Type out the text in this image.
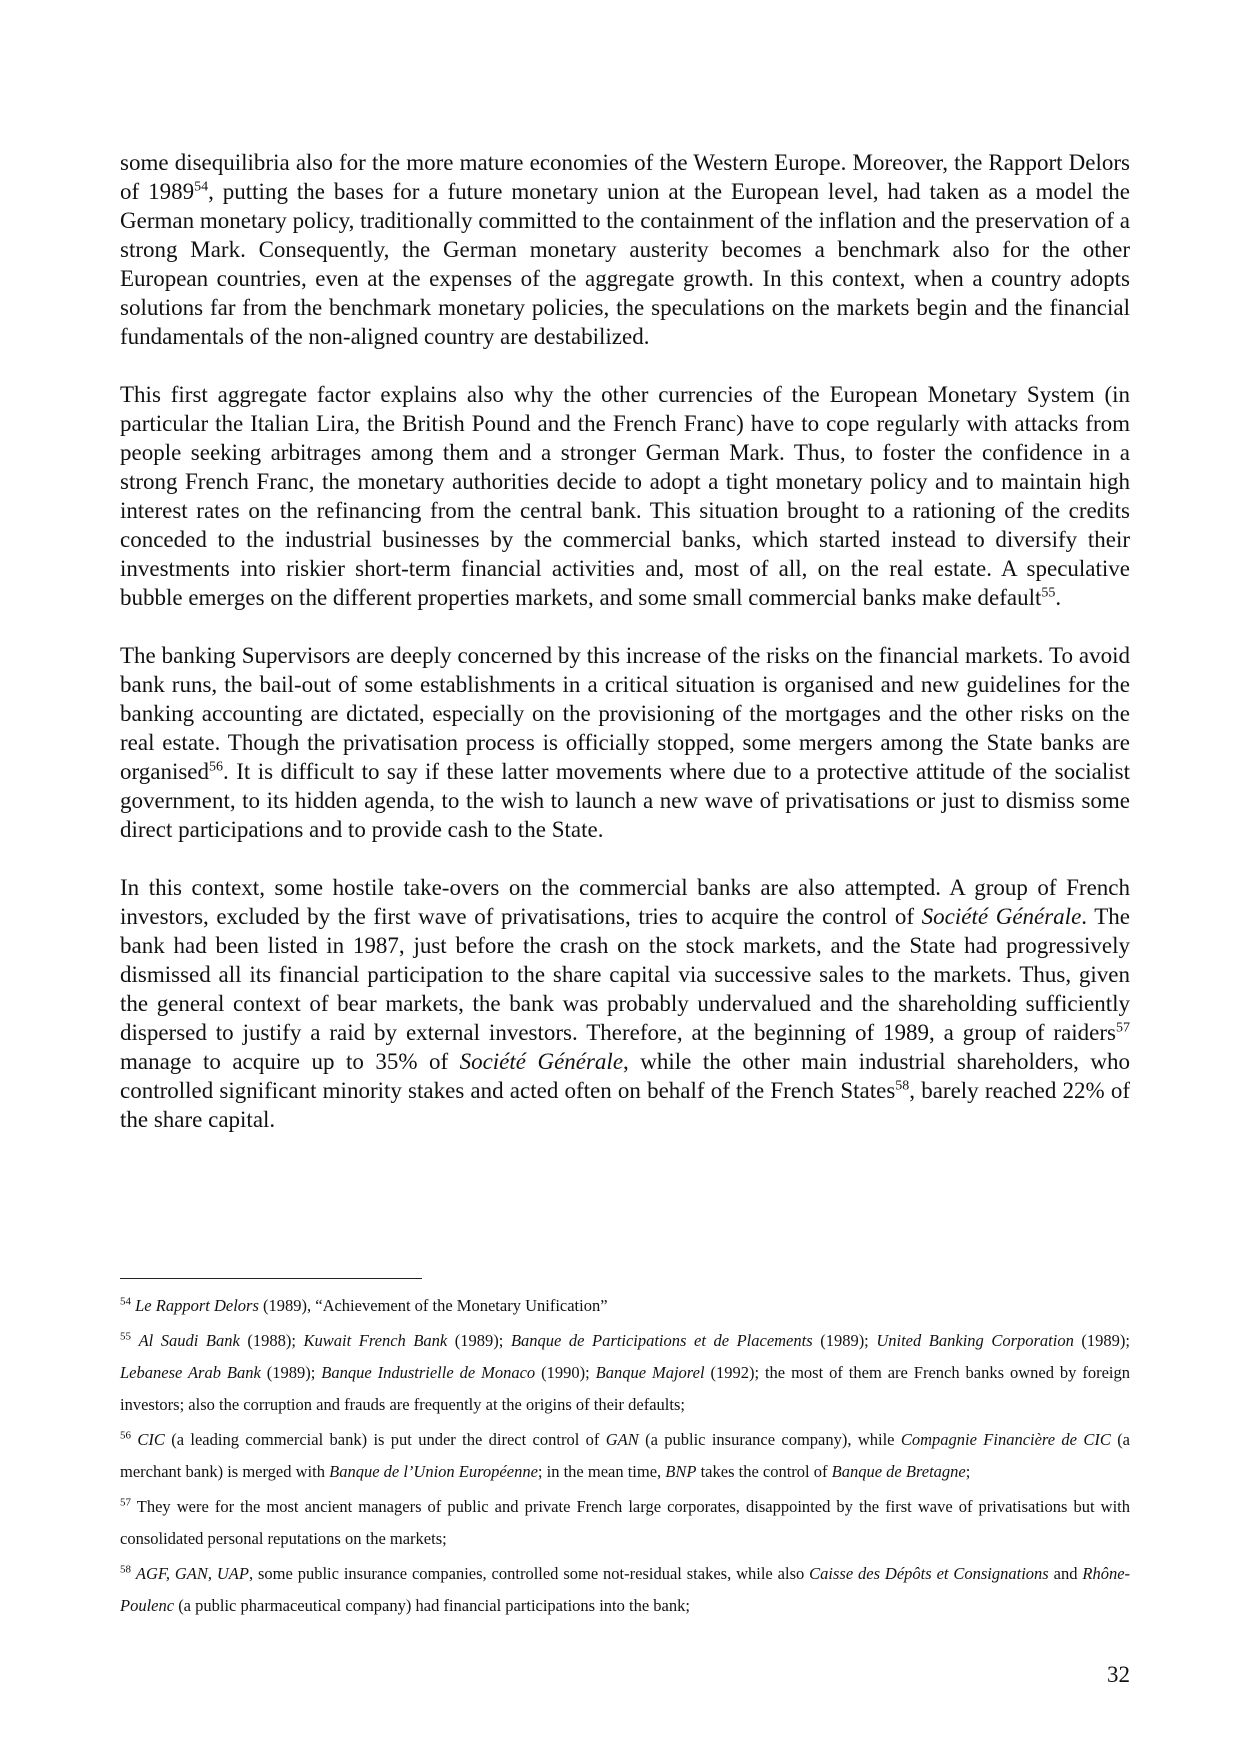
some disequilibria also for the more mature economies of the Western Europe. Moreover, the Rapport Delors of 1989$^{54}$, putting the bases for a future monetary union at the European level, had taken as a model the German monetary policy, traditionally committed to the containment of the inflation and the preservation of a strong Mark. Consequently, the German monetary austerity becomes a benchmark also for the other European countries, even at the expenses of the aggregate growth. In this context, when a country adopts solutions far from the benchmark monetary policies, the speculations on the markets begin and the financial fundamentals of the non-aligned country are destabilized.

This first aggregate factor explains also why the other currencies of the European Monetary System (in particular the Italian Lira, the British Pound and the French Franc) have to cope regularly with attacks from people seeking arbitrages among them and a stronger German Mark. Thus, to foster the confidence in a strong French Franc, the monetary authorities decide to adopt a tight monetary policy and to maintain high interest rates on the refinancing from the central bank. This situation brought to a rationing of the credits conceded to the industrial businesses by the commercial banks, which started instead to diversify their investments into riskier short-term financial activities and, most of all, on the real estate. A speculative bubble emerges on the different properties markets, and some small commercial banks make default$^{55}$.

The banking Supervisors are deeply concerned by this increase of the risks on the financial markets. To avoid bank runs, the bail-out of some establishments in a critical situation is organised and new guidelines for the banking accounting are dictated, especially on the provisioning of the mortgages and the other risks on the real estate. Though the privatisation process is officially stopped, some mergers among the State banks are organised$^{56}$. It is difficult to say if these latter movements where due to a protective attitude of the socialist government, to its hidden agenda, to the wish to launch a new wave of privatisations or just to dismiss some direct participations and to provide cash to the State.

In this context, some hostile take-overs on the commercial banks are also attempted. A group of French investors, excluded by the first wave of privatisations, tries to acquire the control of Société Générale. The bank had been listed in 1987, just before the crash on the stock markets, and the State had progressively dismissed all its financial participation to the share capital via successive sales to the markets. Thus, given the general context of bear markets, the bank was probably undervalued and the shareholding sufficiently dispersed to justify a raid by external investors. Therefore, at the beginning of 1989, a group of raiders$^{57}$ manage to acquire up to 35% of Société Générale, while the other main industrial shareholders, who controlled significant minority stakes and acted often on behalf of the French States$^{58}$, barely reached 22% of the share capital.

$^{54}$ Le Rapport Delors (1989), “Achievement of the Monetary Unification”

$^{55}$ Al Saudi Bank (1988); Kuwait French Bank (1989); Banque de Participations et de Placements (1989); United Banking Corporation (1989); Lebanese Arab Bank (1989); Banque Industrielle de Monaco (1990); Banque Majorel (1992); the most of them are French banks owned by foreign investors; also the corruption and frauds are frequently at the origins of their defaults;

$^{56}$ CIC (a leading commercial bank) is put under the direct control of GAN (a public insurance company), while Compagnie Financière de CIC (a merchant bank) is merged with Banque de l’Union Européenne; in the mean time, BNP takes the control of Banque de Bretagne;

$^{57}$ They were for the most ancient managers of public and private French large corporates, disappointed by the first wave of privatisations but with consolidated personal reputations on the markets;

$^{58}$ AGF, GAN, UAP, some public insurance companies, controlled some not-residual stakes, while also Caisse des Dépôts et Consignations and Rhône-Poulenc (a public pharmaceutical company) had financial participations into the bank;

32
